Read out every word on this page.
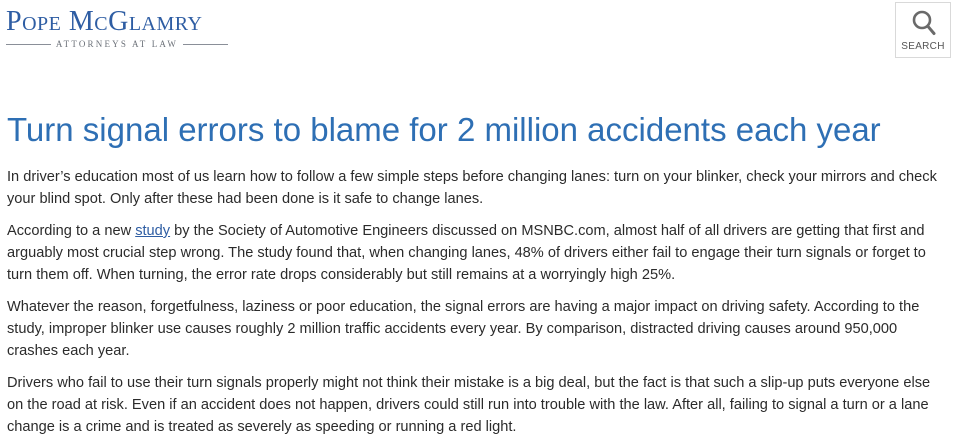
Pope McGlamry
ATTORNEYS AT LAW	SEARCH
Turn signal errors to blame for 2 million accidents each year

In driver’s education most of us learn how to follow a few simple steps before changing lanes: turn on your blinker, check your mirrors and check your blind spot. Only after these had been done is it safe to change lanes.

According to a new study by the Society of Automotive Engineers discussed on MSNBC.com, almost half of all drivers are getting that first and arguably most crucial step wrong. The study found that, when changing lanes, 48% of drivers either fail to engage their turn signals or forget to turn them off. When turning, the error rate drops considerably but still remains at a worryingly high 25%.

Whatever the reason, forgetfulness, laziness or poor education, the signal errors are having a major impact on driving safety. According to the study, improper blinker use causes roughly 2 million traffic accidents every year. By comparison, distracted driving causes around 950,000 crashes each year.

Drivers who fail to use their turn signals properly might not think their mistake is a big deal, but the fact is that such a slip-up puts everyone else on the road at risk. Even if an accident does not happen, drivers could still run into trouble with the law. After all, failing to signal a turn or a lane change is a crime and is treated as severely as speeding or running a red light.
